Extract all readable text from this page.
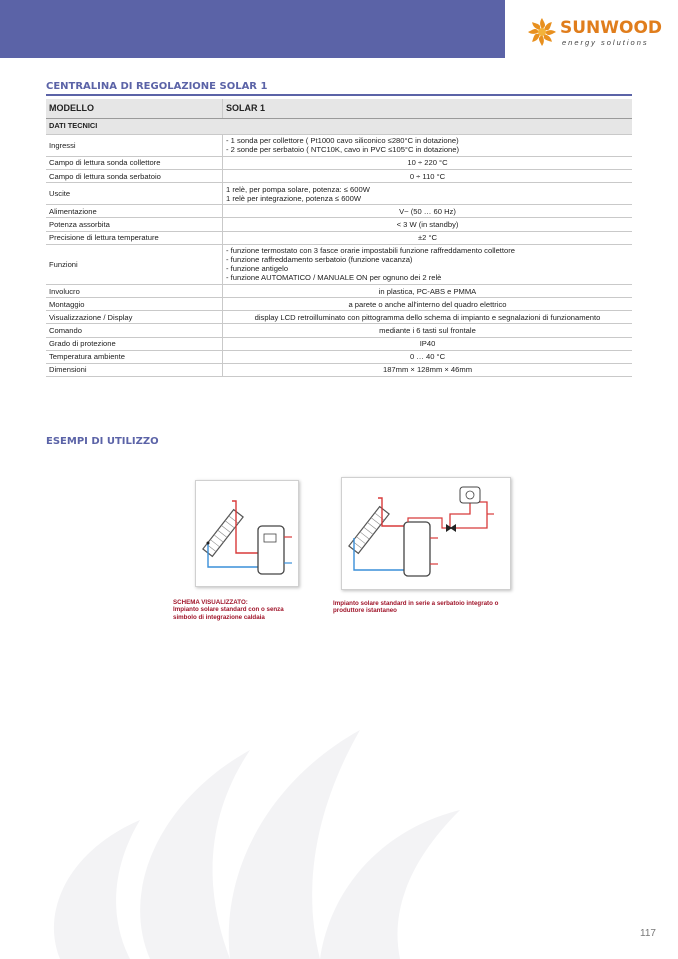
SUNWOOD
energy solutions
CENTRALINA DI REGOLAZIONE SOLAR 1
MODELLO	SOLAR 1
DATI TECNICI	
Ingressi	- 1 sonda per collettore ( Pt1000 cavo siliconico ≤280°C in dotazione)
- 2 sonde per serbatoio ( NTC10K, cavo in PVC ≤105°C in dotazione)

Campo di lettura sonda collettore	10 ÷ 220 °C

Campo di lettura sonda serbatoio	0 ÷ 110 °C

Uscite	1 relè, per pompa solare, potenza: ≤ 600W
1 relè per integrazione, potenza ≤ 600W

Alimentazione	V~ (50 … 60 Hz)

Potenza assorbita	< 3 W (in standby)

Precisione di lettura temperature	±2 °C

Funzioni	- funzione termostato con 3 fasce orarie impostabili funzione raffreddamento collettore
- funzione raffreddamento serbatoio (funzione vacanza)
- funzione antigelo
- funzione AUTOMATICO / MANUALE ON per ognuno dei 2 relè

Involucro	in plastica, PC-ABS e PMMA

Montaggio	a parete o anche all'interno del quadro elettrico

Visualizzazione / Display	display LCD retroilluminato con pittogramma dello schema di impianto e segnalazioni di funzionamento

Comando	mediante i 6 tasti sul frontale

Grado di protezione	IP40

Temperatura ambiente	0 … 40 °C

Dimensioni	187mm × 128mm × 46mm
ESEMPI DI UTILIZZO
SCHEMA VISUALIZZATO:
Impianto solare standard con o senza
simbolo di integrazione caldaia
Impianto solare standard in serie a serbatoio integrato o
produttore istantaneo
117
